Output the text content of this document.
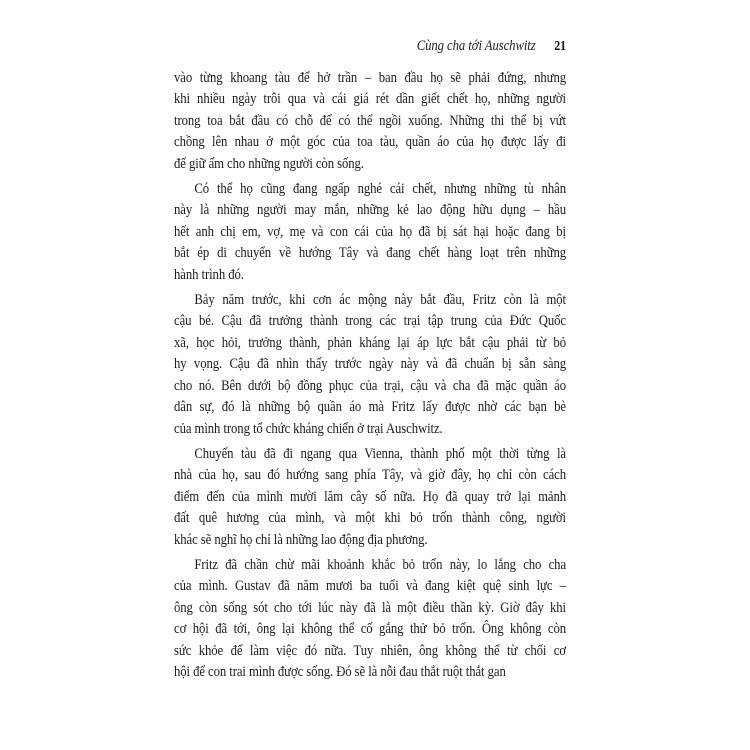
Cùng cha tới Auschwitz 21
vào từng khoang tàu để hở trần – ban đầu họ sẽ phải đứng, nhưng
khi nhiều ngày trôi qua và cái giá rét dần giết chết họ, những người
trong toa bắt đầu có chỗ để có thể ngồi xuống. Những thi thể bị vứt
chồng lên nhau ở một góc của toa tàu, quần áo của họ được lấy đi
để giữ ấm cho những người còn sống.
Có thể họ cũng đang ngấp nghé cái chết, nhưng những tù nhân
này là những người may mắn, những kẻ lao động hữu dụng – hầu
hết anh chị em, vợ, mẹ và con cái của họ đã bị sát hại hoặc đang bị
bắt ép di chuyển về hướng Tây và đang chết hàng loạt trên những
hành trình đó.
Bảy năm trước, khi cơn ác mộng này bắt đầu, Fritz còn là một
cậu bé. Cậu đã trưởng thành trong các trại tập trung của Đức Quốc
xã, học hỏi, trưởng thành, phản kháng lại áp lực bắt cậu phải từ bỏ
hy vọng. Cậu đã nhìn thấy trước ngày này và đã chuẩn bị sẵn sàng
cho nó. Bên dưới bộ đồng phục của trại, cậu và cha đã mặc quần áo
dân sự, đó là những bộ quần áo mà Fritz lấy được nhờ các bạn bè
của mình trong tổ chức kháng chiến ở trại Auschwitz.
Chuyến tàu đã đi ngang qua Vienna, thành phố một thời từng là
nhà của họ, sau đó hướng sang phía Tây, và giờ đây, họ chỉ còn cách
điểm đến của mình mười lăm cây số nữa. Họ đã quay trở lại mảnh
đất quê hương của mình, và một khi bỏ trốn thành công, người
khác sẽ nghĩ họ chỉ là những lao động địa phương.
Fritz đã chần chừ mãi khoảnh khắc bỏ trốn này, lo lắng cho cha
của mình. Gustav đã năm mươi ba tuổi và đang kiệt quệ sinh lực –
ông còn sống sót cho tới lúc này đã là một điều thần kỳ. Giờ đây khi
cơ hội đã tới, ông lại không thể cố gắng thử bỏ trốn. Ông không còn
sức khỏe để làm việc đó nữa. Tuy nhiên, ông không thể từ chối cơ
hội để con trai mình được sống. Đó sẽ là nỗi đau thắt ruột thắt gan
